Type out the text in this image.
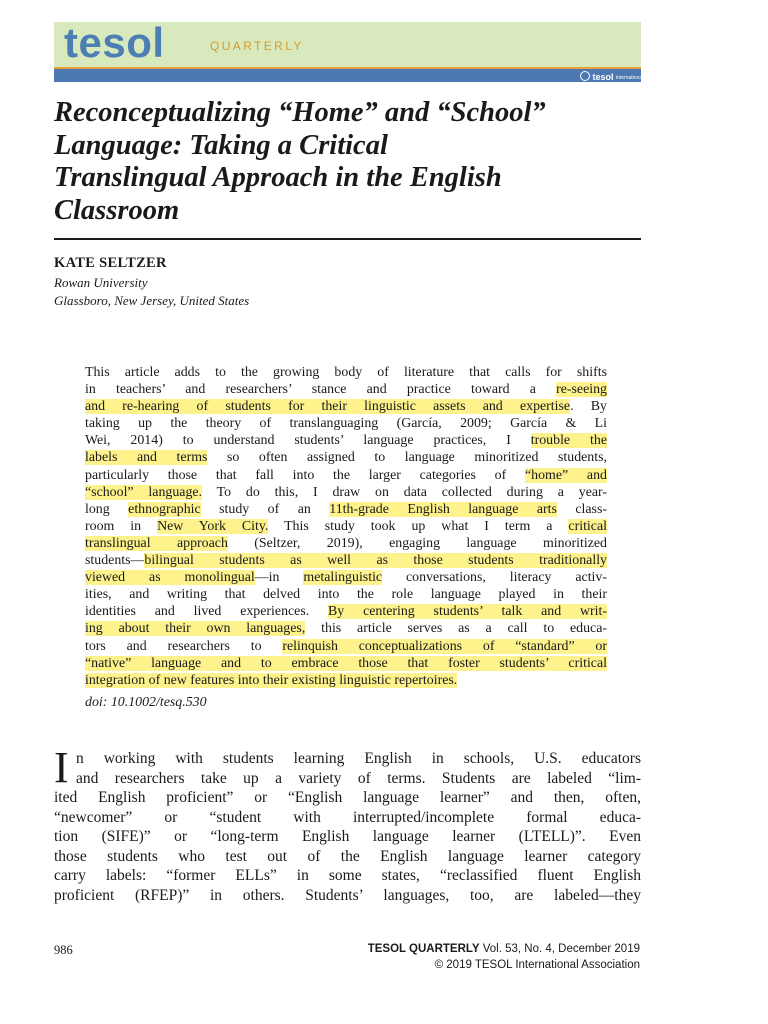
tesol	QUARTERLY
tesol international association
Reconceptualizing “Home” and “School”
Language: Taking a Critical
Translingual Approach in the English
Classroom
KATE SELTZER
Rowan University
Glassboro, New Jersey, United States
This article adds to the growing body of literature that calls for shifts
in teachers’ and researchers’ stance and practice toward a re-seeing
and re-hearing of students for their linguistic assets and expertise. By
taking up the theory of translanguaging (García, 2009; García & Li
Wei, 2014) to understand students’ language practices, I trouble the
labels and terms so often assigned to language minoritized students,
particularly those that fall into the larger categories of “home” and
“school” language. To do this, I draw on data collected during a year-
long ethnographic study of an 11th-grade English language arts class-
room in New York City. This study took up what I term a critical
translingual approach (Seltzer, 2019), engaging language minoritized
students—bilingual students as well as those students traditionally
viewed as monolingual—in metalinguistic conversations, literacy activ-
ities, and writing that delved into the role language played in their
identities and lived experiences. By centering students’ talk and writ-
ing about their own languages, this article serves as a call to educa-
tors and researchers to relinquish conceptualizations of “standard” or
“native” language and to embrace those that foster students’ critical
integration of new features into their existing linguistic repertoires.
doi: 10.1002/tesq.530
I n working with students learning English in schools, U.S. educators
and researchers take up a variety of terms. Students are labeled “lim-
ited English proficient” or “English language learner” and then, often,
“newcomer” or “student with interrupted/incomplete formal educa-
tion (SIFE)” or “long-term English language learner (LTELL)”. Even
those students who test out of the English language learner category
carry labels: “former ELLs” in some states, “reclassified fluent English
proficient (RFEP)” in others. Students’ languages, too, are labeled—they
986	TESOL QUARTERLY Vol. 53, No. 4, December 2019
© 2019 TESOL International Association
